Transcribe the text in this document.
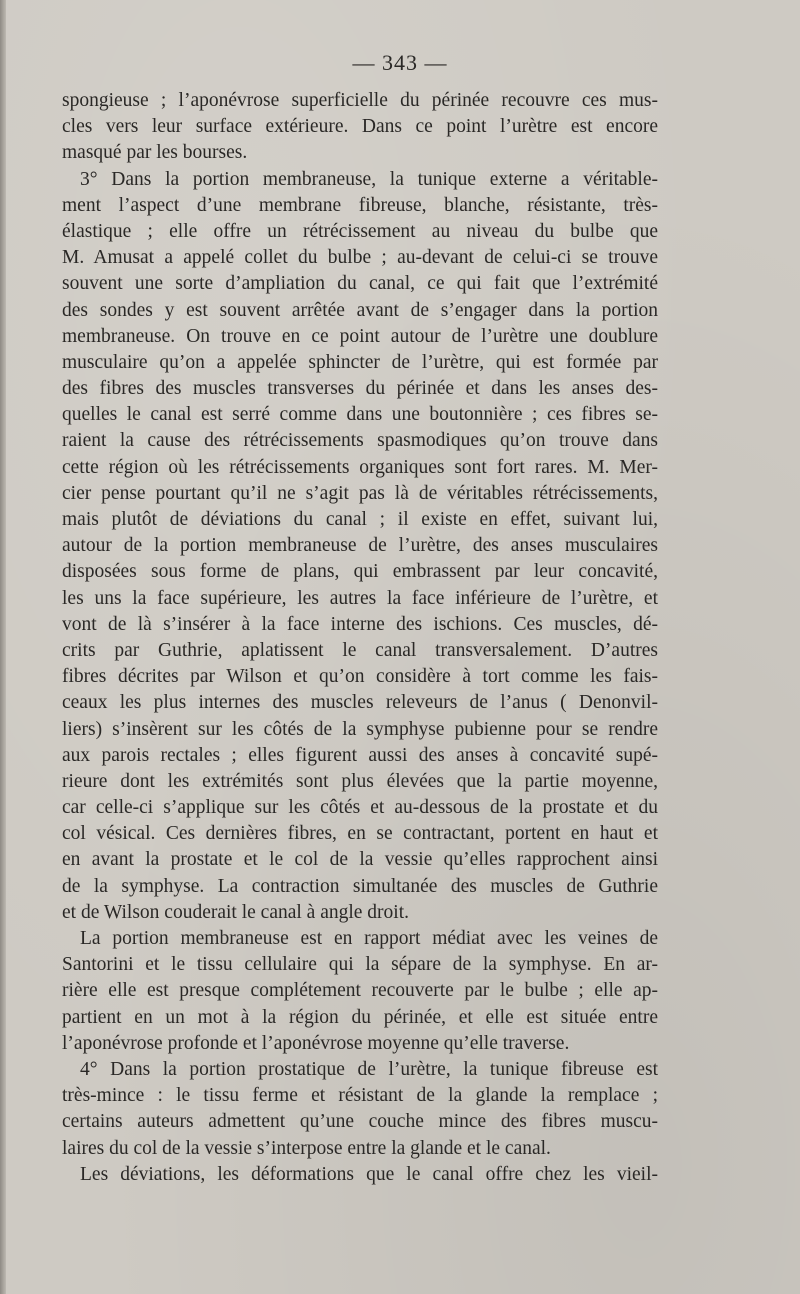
— 343 —
spongieuse ; l’aponévrose superficielle du périnée recouvre ces mus-
cles vers leur surface extérieure. Dans ce point l’urètre est encore
masqué par les bourses.
3° Dans la portion membraneuse, la tunique externe a véritable-
ment l’aspect d’une membrane fibreuse, blanche, résistante, très-
élastique ; elle offre un rétrécissement au niveau du bulbe que
M. Amusat a appelé collet du bulbe ; au-devant de celui-ci se trouve
souvent une sorte d’ampliation du canal, ce qui fait que l’extrémité
des sondes y est souvent arrêtée avant de s’engager dans la portion
membraneuse. On trouve en ce point autour de l’urètre une doublure
musculaire qu’on a appelée sphincter de l’urètre, qui est formée par
des fibres des muscles transverses du périnée et dans les anses des-
quelles le canal est serré comme dans une boutonnière ; ces fibres se-
raient la cause des rétrécissements spasmodiques qu’on trouve dans
cette région où les rétrécissements organiques sont fort rares. M. Mer-
cier pense pourtant qu’il ne s’agit pas là de véritables rétrécissements,
mais plutôt de déviations du canal ; il existe en effet, suivant lui,
autour de la portion membraneuse de l’urètre, des anses musculaires
disposées sous forme de plans, qui embrassent par leur concavité,
les uns la face supérieure, les autres la face inférieure de l’urètre, et
vont de là s’insérer à la face interne des ischions. Ces muscles, dé-
crits par Guthrie, aplatissent le canal transversalement. D’autres
fibres décrites par Wilson et qu’on considère à tort comme les fais-
ceaux les plus internes des muscles releveurs de l’anus ( Denonvil-
liers) s’insèrent sur les côtés de la symphyse pubienne pour se rendre
aux parois rectales ; elles figurent aussi des anses à concavité supé-
rieure dont les extrémités sont plus élevées que la partie moyenne,
car celle-ci s’applique sur les côtés et au-dessous de la prostate et du
col vésical. Ces dernières fibres, en se contractant, portent en haut et
en avant la prostate et le col de la vessie qu’elles rapprochent ainsi
de la symphyse. La contraction simultanée des muscles de Guthrie
et de Wilson couderait le canal à angle droit.
La portion membraneuse est en rapport médiat avec les veines de
Santorini et le tissu cellulaire qui la sépare de la symphyse. En ar-
rière elle est presque complétement recouverte par le bulbe ; elle ap-
partient en un mot à la région du périnée, et elle est située entre
l’aponévrose profonde et l’aponévrose moyenne qu’elle traverse.
4° Dans la portion prostatique de l’urètre, la tunique fibreuse est
très-mince : le tissu ferme et résistant de la glande la remplace ;
certains auteurs admettent qu’une couche mince des fibres muscu-
laires du col de la vessie s’interpose entre la glande et le canal.
Les déviations, les déformations que le canal offre chez les vieil-
